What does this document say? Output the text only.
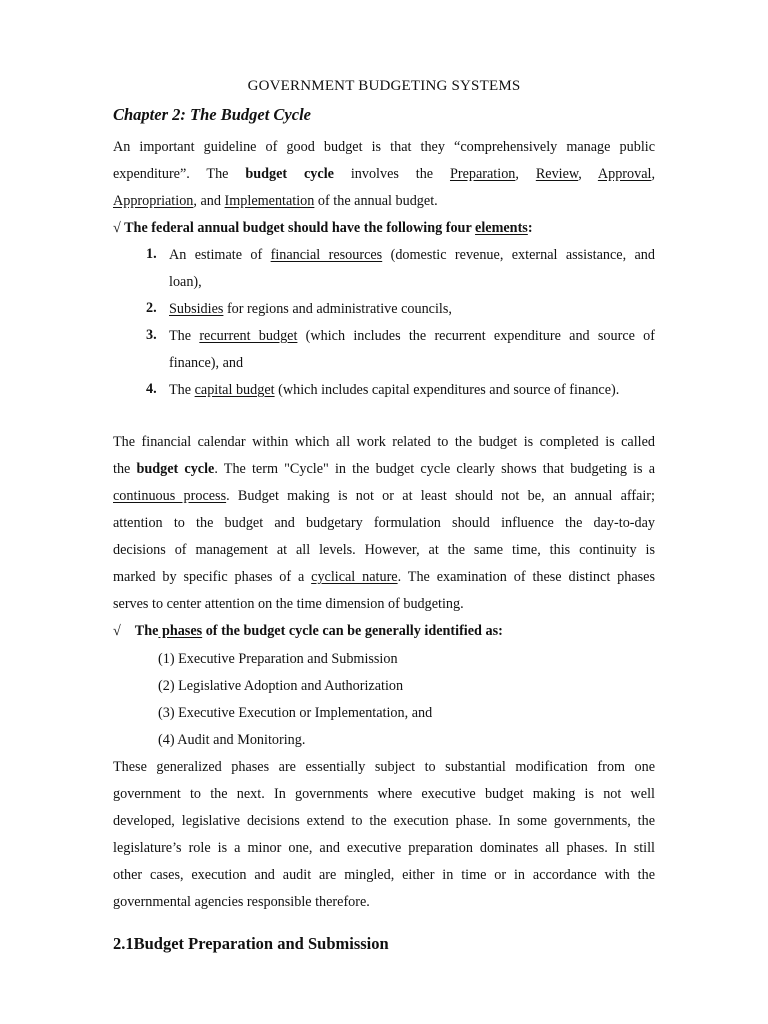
GOVERNMENT BUDGETING SYSTEMS
Chapter 2: The Budget Cycle
An important guideline of good budget is that they “comprehensively manage public
expenditure”. The budget cycle involves the Preparation, Review, Approval,
Appropriation, and Implementation of the annual budget.
√ The federal annual budget should have the following four elements:
1. An estimate of financial resources (domestic revenue, external assistance, and
loan),
2. Subsidies for regions and administrative councils,
3. The recurrent budget (which includes the recurrent expenditure and source of
finance), and
4. The capital budget (which includes capital expenditures and source of finance).
The financial calendar within which all work related to the budget is completed is called
the budget cycle. The term "Cycle" in the budget cycle clearly shows that budgeting is a
continuous process. Budget making is not or at least should not be, an annual affair;
attention to the budget and budgetary formulation should influence the day-to-day
decisions of management at all levels. However, at the same time, this continuity is
marked by specific phases of a cyclical nature. The examination of these distinct phases
serves to center attention on the time dimension of budgeting.
√ The phases of the budget cycle can be generally identified as:
(1) Executive Preparation and Submission
(2) Legislative Adoption and Authorization
(3) Executive Execution or Implementation, and
(4) Audit and Monitoring.
These generalized phases are essentially subject to substantial modification from one
government to the next. In governments where executive budget making is not well
developed, legislative decisions extend to the execution phase. In some governments, the
legislature’s role is a minor one, and executive preparation dominates all phases. In still
other cases, execution and audit are mingled, either in time or in accordance with the
governmental agencies responsible therefore.
2.1Budget Preparation and Submission
